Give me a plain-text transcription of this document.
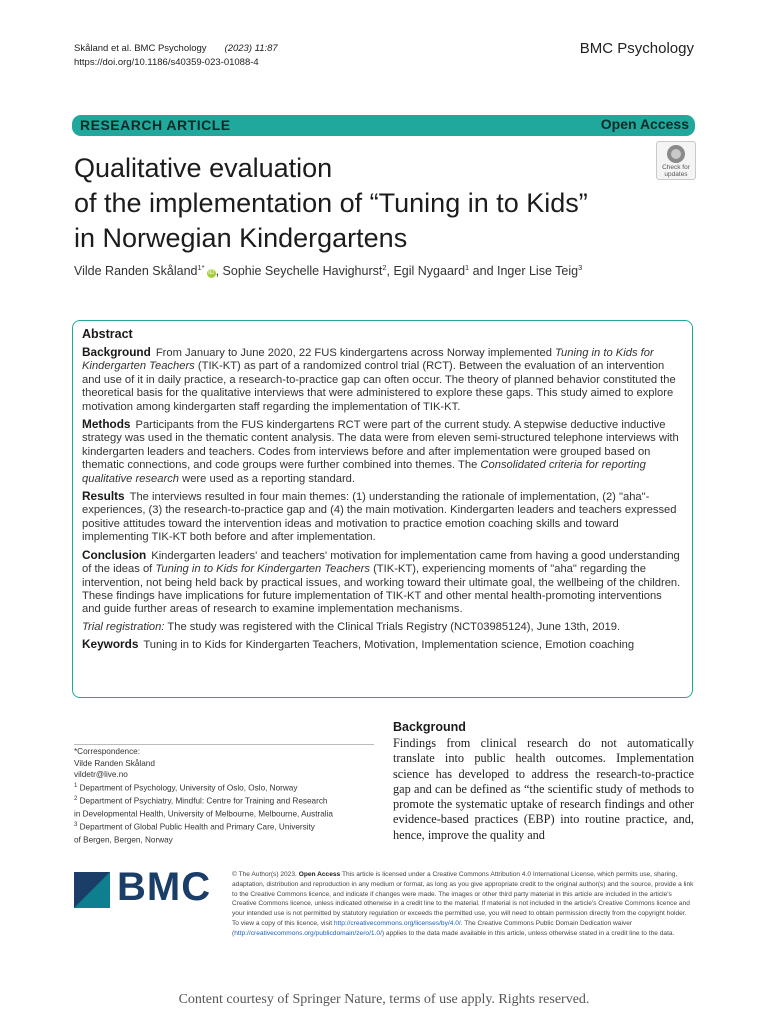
Skåland et al. BMC Psychology (2023) 11:87
https://doi.org/10.1186/s40359-023-01088-4
BMC Psychology
RESEARCH ARTICLE	Open Access
Check for
updates
Qualitative evaluation
of the implementation of “Tuning in to Kids”
in Norwegian Kindergartens
Vilde Randen Skåland$^{1*}$iD , Sophie Seychelle Havighurst$^2$, Egil Nygaard$^1$ and Inger Lise Teig$^3$
Abstract

Background From January to June 2020, 22 FUS kindergartens across Norway implemented Tuning in to Kids for Kindergarten Teachers (TIK-KT) as part of a randomized control trial (RCT). Between the evaluation of an intervention and use of it in daily practice, a research-to-practice gap can often occur. The theory of planned behavior constituted the theoretical basis for the qualitative interviews that were administered to explore these gaps. This study aimed to explore motivation among kindergarten staff regarding the implementation of TIK-KT.

Methods Participants from the FUS kindergartens RCT were part of the current study. A stepwise deductive inductive strategy was used in the thematic content analysis. The data were from eleven semi-structured telephone interviews with kindergarten leaders and teachers. Codes from interviews before and after implementation were grouped based on thematic connections, and code groups were further combined into themes. The Consolidated criteria for reporting qualitative research were used as a reporting standard.

Results The interviews resulted in four main themes: (1) understanding the rationale of implementation, (2) "aha"-experiences, (3) the research-to-practice gap and (4) the main motivation. Kindergarten leaders and teachers expressed positive attitudes toward the intervention ideas and motivation to practice emotion coaching skills and toward implementing TIK-KT both before and after implementation.

Conclusion Kindergarten leaders' and teachers' motivation for implementation came from having a good understanding of the ideas of Tuning in to Kids for Kindergarten Teachers (TIK-KT), experiencing moments of "aha" regarding the intervention, not being held back by practical issues, and working toward their ultimate goal, the wellbeing of the children. These findings have implications for future implementation of TIK-KT and other mental health-promoting interventions and guide further areas of research to examine implementation mechanisms.

Trial registration: The study was registered with the Clinical Trials Registry (NCT03985124), June 13th, 2019.

Keywords Tuning in to Kids for Kindergarten Teachers, Motivation, Implementation science, Emotion coaching

*Correspondence:
Vilde Randen Skåland
vildetr@live.no
$^1$ Department of Psychology, University of Oslo, Oslo, Norway
$^2$ Department of Psychiatry, Mindful: Centre for Training and Research
in Developmental Health, University of Melbourne, Melbourne, Australia
$^3$ Department of Global Public Health and Primary Care, University
of Bergen, Bergen, Norway
Background

Findings from clinical research do not automatically translate into public health outcomes. Implementation science has developed to address the research-to-practice gap and can be defined as “the scientific study of methods to promote the systematic uptake of research findings and other evidence-based practices (EBP) into routine practice, and, hence, improve the quality and

BMC	© The Author(s) 2023. Open Access This article is licensed under a Creative Commons Attribution 4.0 International License, which permits use, sharing, adaptation, distribution and reproduction in any medium or format, as long as you give appropriate credit to the original author(s) and the source, provide a link to the Creative Commons licence, and indicate if changes were made. The images or other third party material in this article are included in the article's Creative Commons licence, unless indicated otherwise in a credit line to the material. If material is not included in the article's Creative Commons licence and your intended use is not permitted by statutory regulation or exceeds the permitted use, you will need to obtain permission directly from the copyright holder. To view a copy of this licence, visit http://creativecommons.org/licenses/by/4.0/. The Creative Commons Public Domain Dedication waiver (http://creativecommons.org/publicdomain/zero/1.0/) applies to the data made available in this article, unless otherwise stated in a credit line to the data.
Content courtesy of Springer Nature, terms of use apply. Rights reserved.
